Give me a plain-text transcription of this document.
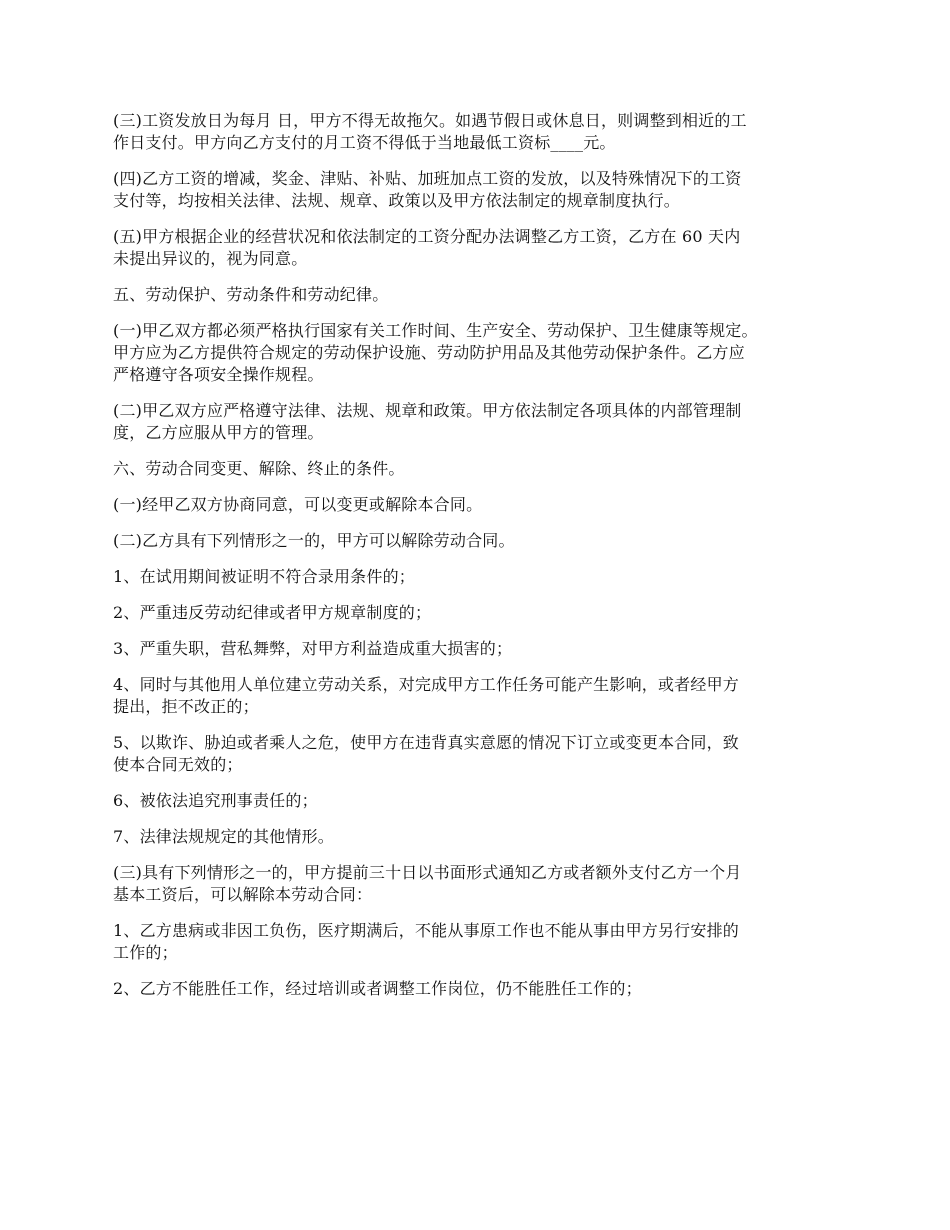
(三)工资发放日为每月 日，甲方不得无故拖欠。如遇节假日或休息日，则调整到相近的工
作日支付。甲方向乙方支付的月工资不得低于当地最低工资标____元。

(四)乙方工资的增减，奖金、津贴、补贴、加班加点工资的发放，以及特殊情况下的工资
支付等，均按相关法律、法规、规章、政策以及甲方依法制定的规章制度执行。

(五)甲方根据企业的经营状况和依法制定的工资分配办法调整乙方工资，乙方在 60 天内
未提出异议的，视为同意。

五、劳动保护、劳动条件和劳动纪律。

(一)甲乙双方都必须严格执行国家有关工作时间、生产安全、劳动保护、卫生健康等规定。
甲方应为乙方提供符合规定的劳动保护设施、劳动防护用品及其他劳动保护条件。乙方应
严格遵守各项安全操作规程。

(二)甲乙双方应严格遵守法律、法规、规章和政策。甲方依法制定各项具体的内部管理制
度，乙方应服从甲方的管理。

六、劳动合同变更、解除、终止的条件。

(一)经甲乙双方协商同意，可以变更或解除本合同。

(二)乙方具有下列情形之一的，甲方可以解除劳动合同。

1、在试用期间被证明不符合录用条件的；

2、严重违反劳动纪律或者甲方规章制度的；

3、严重失职，营私舞弊，对甲方利益造成重大损害的；

4、同时与其他用人单位建立劳动关系，对完成甲方工作任务可能产生影响，或者经甲方
提出，拒不改正的；

5、以欺诈、胁迫或者乘人之危，使甲方在违背真实意愿的情况下订立或变更本合同，致
使本合同无效的；

6、被依法追究刑事责任的；

7、法律法规规定的其他情形。

(三)具有下列情形之一的，甲方提前三十日以书面形式通知乙方或者额外支付乙方一个月
基本工资后，可以解除本劳动合同：

1、乙方患病或非因工负伤，医疗期满后，不能从事原工作也不能从事由甲方另行安排的
工作的；

2、乙方不能胜任工作，经过培训或者调整工作岗位，仍不能胜任工作的；
